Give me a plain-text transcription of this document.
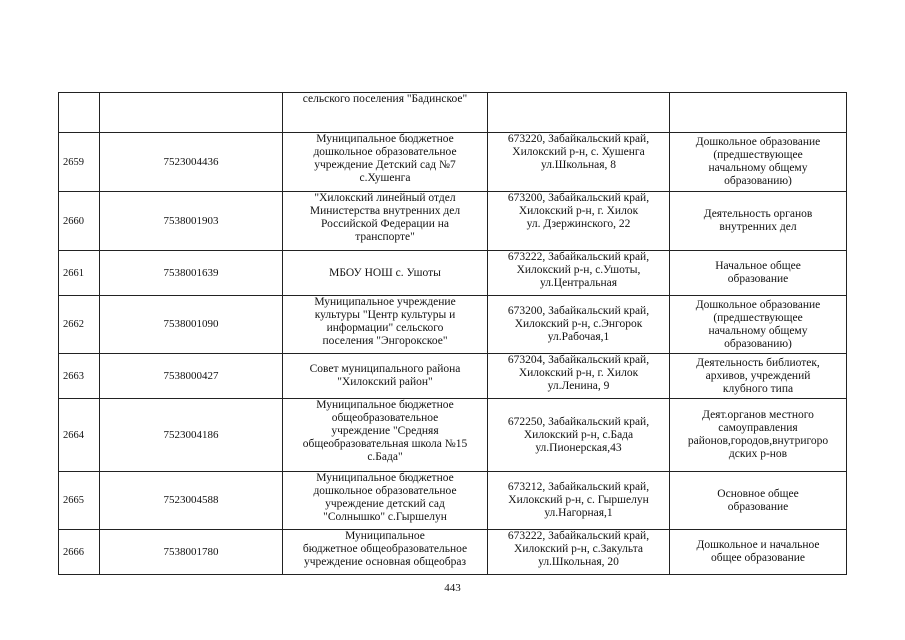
		сельского поселения "Бадинское"		
2659	7523004436	Муниципальное бюджетное
дошкольное образовательное
учреждение Детский сад №7
с.Хушенга	673220, Забайкальский край,
Хилокский р-н, с. Хушенга
ул.Школьная, 8	Дошкольное образование
(предшествующее
начальному общему
образованию)
2660	7538001903	"Хилокский линейный отдел
Министерства внутренних дел
Российской Федерации на
транспорте"	673200, Забайкальский край,
Хилокский р-н, г. Хилок
ул. Дзержинского, 22	Деятельность органов
внутренних дел
2661	7538001639	МБОУ НОШ с. Ушоты	673222, Забайкальский край,
Хилокский р-н, с.Ушоты,
ул.Центральная	Начальное общее
образование
2662	7538001090	Муниципальное учреждение
культуры "Центр культуры и
информации" сельского
поселения "Энгорокское"	673200, Забайкальский край,
Хилокский р-н, с.Энгорок
ул.Рабочая,1	Дошкольное образование
(предшествующее
начальному общему
образованию)
2663	7538000427	Совет муниципального района
"Хилокский район"	673204, Забайкальский край,
Хилокский р-н, г. Хилок
ул.Ленина, 9	Деятельность библиотек,
архивов, учреждений
клубного типа
2664	7523004186	Муниципальное бюджетное
общеобразовательное
учреждение "Средняя
общеобразовательная школа №15
с.Бада"	672250, Забайкальский край,
Хилокский р-н, с.Бада
ул.Пионерская,43	Деят.органов местного
самоуправления
районов,городов,внутригоро
дских р-нов
2665	7523004588	Муниципальное бюджетное
дошкольное образовательное
учреждение детский сад
"Солнышко" с.Гыршелун	673212, Забайкальский край,
Хилокский р-н, с. Гыршелун
ул.Нагорная,1	Основное общее
образование
2666	7538001780	Муниципальное
бюджетное общеобразовательное
учреждение основная общеобраз	673222, Забайкальский край,
Хилокский р-н, с.Закульта
ул.Школьная, 20	Дошкольное и начальное
общее образование
443
